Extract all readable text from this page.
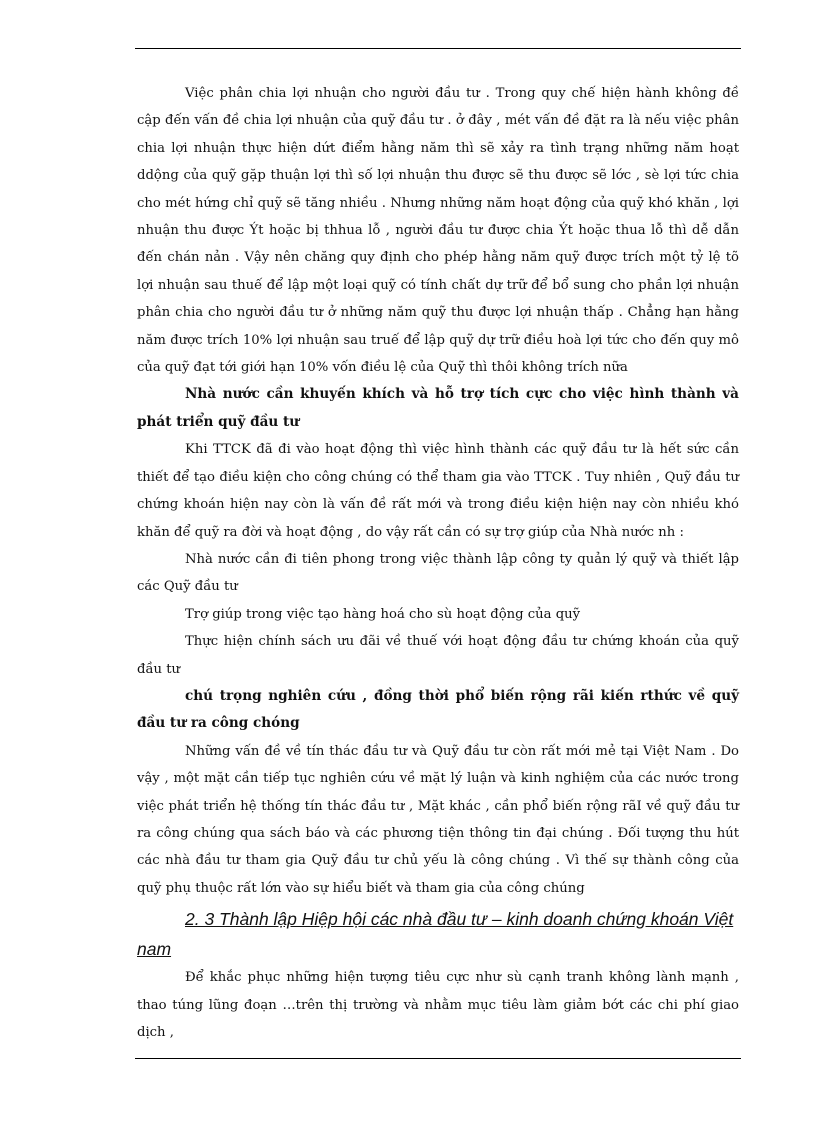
Việc phân chia lợi nhuận cho người đầu tư . Trong quy chế hiện hành không đề cập đến vấn đề chia lợi nhuận của quỹ đầu tư . ở đây , mét vấn đề đặt ra là nếu việc phân chia lợi nhuận thực hiện dứt điểm hằng năm thì sẽ xảy ra tình trạng những năm hoạt ddộng của quỹ gặp thuận lợi thì số lợi nhuận thu được sẽ thu được sẽ lớc , sè lợi tức chia cho mét hứng chỉ quỹ sẽ tăng nhiều . Nhưng những năm hoạt động của quỹ khó khăn , lợi nhuận thu được Ýt hoặc bị thhua lỗ , người đầu tư được chia Ýt hoặc thua lỗ thì dễ dẫn đến chán nản . Vậy nên chăng quy định cho phép hằng năm quỹ được trích một tỷ lệ tõ lợi nhuận sau thuế để lập một loại quỹ có tính chất dự trữ để bổ sung cho phần lợi nhuận phân chia cho người đầu tư ở những năm quỹ thu được lợi nhuận thấp . Chẳng hạn hằng năm được trích 10% lợi nhuận sau truế để lập quỹ dự trữ điều hoà lợi tức cho đến quy mô của quỹ đạt tới giới hạn 10% vốn điều lệ của Quỹ thì thôi không trích nữa

Nhà nước cần khuyến khích và hỗ trợ tích cực cho việc hình thành và phát triển quỹ đầu tư

Khi TTCK đã đi vào hoạt động thì việc hình thành các quỹ đầu tư là hết sức cần thiết để tạo điều kiện cho công chúng có thể tham gia vào TTCK . Tuy nhiên , Quỹ đầu tư chứng khoán hiện nay còn là vấn đề rất mới và trong điều kiện hiện nay còn nhiều khó khăn để quỹ ra đời và hoạt động , do vậy rất cần có sự trợ giúp của Nhà nước nh :

Nhà nước cần đi tiên phong trong việc thành lập công ty quản lý quỹ và thiết lập các Quỹ đầu tư

Trợ giúp trong việc tạo hàng hoá cho sù hoạt động của quỹ

Thực hiện chính sách ưu đãi về thuế với hoạt động đầu tư chứng khoán của quỹ đầu tư

chú trọng nghiên cứu , đồng thời phổ biến rộng rãi kiến rthức về quỹ đầu tư ra công chóng

Những vấn đề về tín thác đầu tư và Quỹ đầu tư còn rất mới mẻ tại Việt Nam . Do vậy , một mặt cần tiếp tục nghiên cứu về mặt lý luận và kinh nghiệm của các nước trong việc phát triển hệ thống tín thác đầu tư , Mặt khác , cần phổ biến rộng rãI về quỹ đầu tư ra công chúng qua sách báo và các phương tiện thông tin đại chúng . Đối tượng thu hút các nhà đầu tư tham gia Quỹ đầu tư chủ yếu là công chúng . Vì thế sự thành công của quỹ phụ thuộc rất lớn vào sự hiểu biết và tham gia của công chúng

2. 3 Thành lập Hiệp hội các nhà đầu tư – kinh doanh chứng khoán Việt
nam

Để khắc phục những hiện tượng tiêu cực như sù cạnh tranh không lành mạnh , thao túng lũng đoạn …trên thị trường và nhằm mục tiêu làm giảm bớt các chi phí giao dịch ,
